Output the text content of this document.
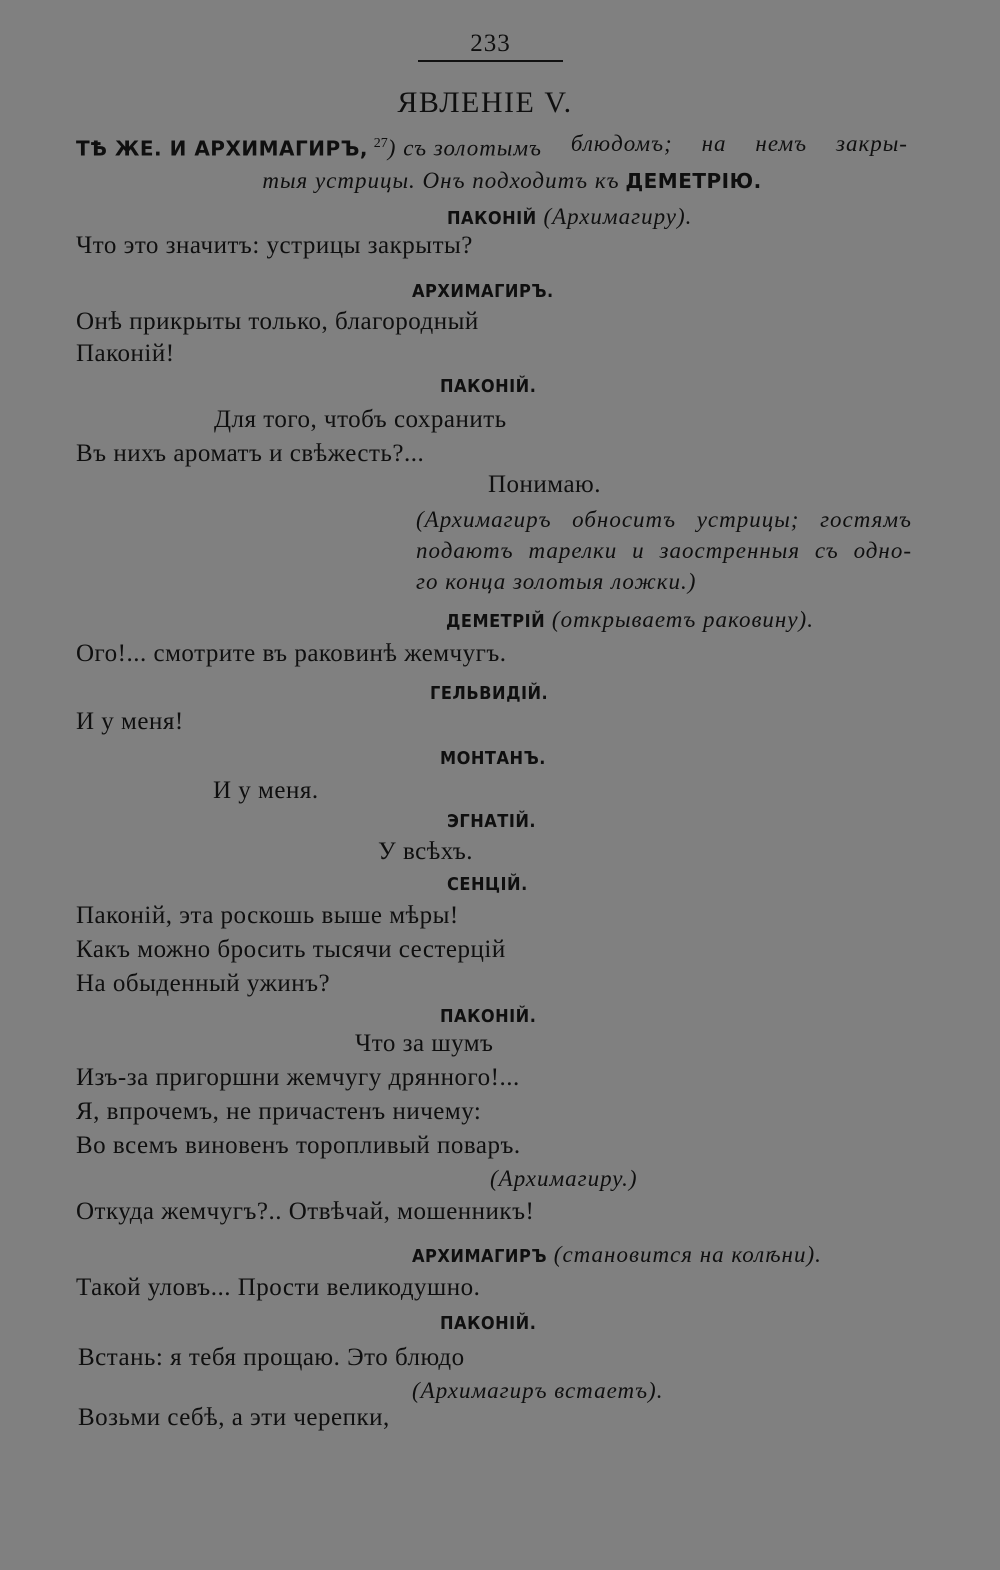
233
ЯВЛЕНІЕ V.
ТѢ ЖЕ. И АРХИМАГИРЪ, $^{27}$) съ золотымъ блюдомъ; на немъ закры-
тыя устрицы. Онъ подходитъ къ ДЕМЕТРІЮ.
ПАКОНІЙ (Архимагиру).
Что это значитъ: устрицы закрыты?
АРХИМАГИРЪ.
Онѣ прикрыты только, благородный
Паконій!
ПАКОНІЙ.
Для того, чтобъ сохранить
Въ нихъ ароматъ и свѣжесть?...
Понимаю.
(Архимагиръ обноситъ устрицы; гостямъ
подаютъ тарелки и заостренныя съ одно-
го конца золотыя ложки.)
ДЕМЕТРІЙ (открываетъ раковину).
Ого!... смотрите въ раковинѣ жемчугъ.
ГЕЛЬВИДІЙ.
И у меня!
МОНТАНЪ.
И у меня.
ЭГНАТІЙ.
У всѣхъ.
СЕНЦІЙ.
Паконій, эта роскошь выше мѣры!
Какъ можно бросить тысячи сестерцій
На обыденный ужинъ?
ПАКОНІЙ.
Что за шумъ
Изъ-за пригоршни жемчугу дрянного!...
Я, впрочемъ, не причастенъ ничему:
Во всемъ виновенъ торопливый поваръ.
(Архимагиру.)
Откуда жемчугъ?.. Отвѣчай, мошенникъ!
АРХИМАГИРЪ (становится на колѣни).
Такой уловъ... Прости великодушно.
ПАКОНІЙ.
Встань: я тебя прощаю. Это блюдо
(Архимагиръ встаетъ).
Возьми себѣ, а эти черепки,
